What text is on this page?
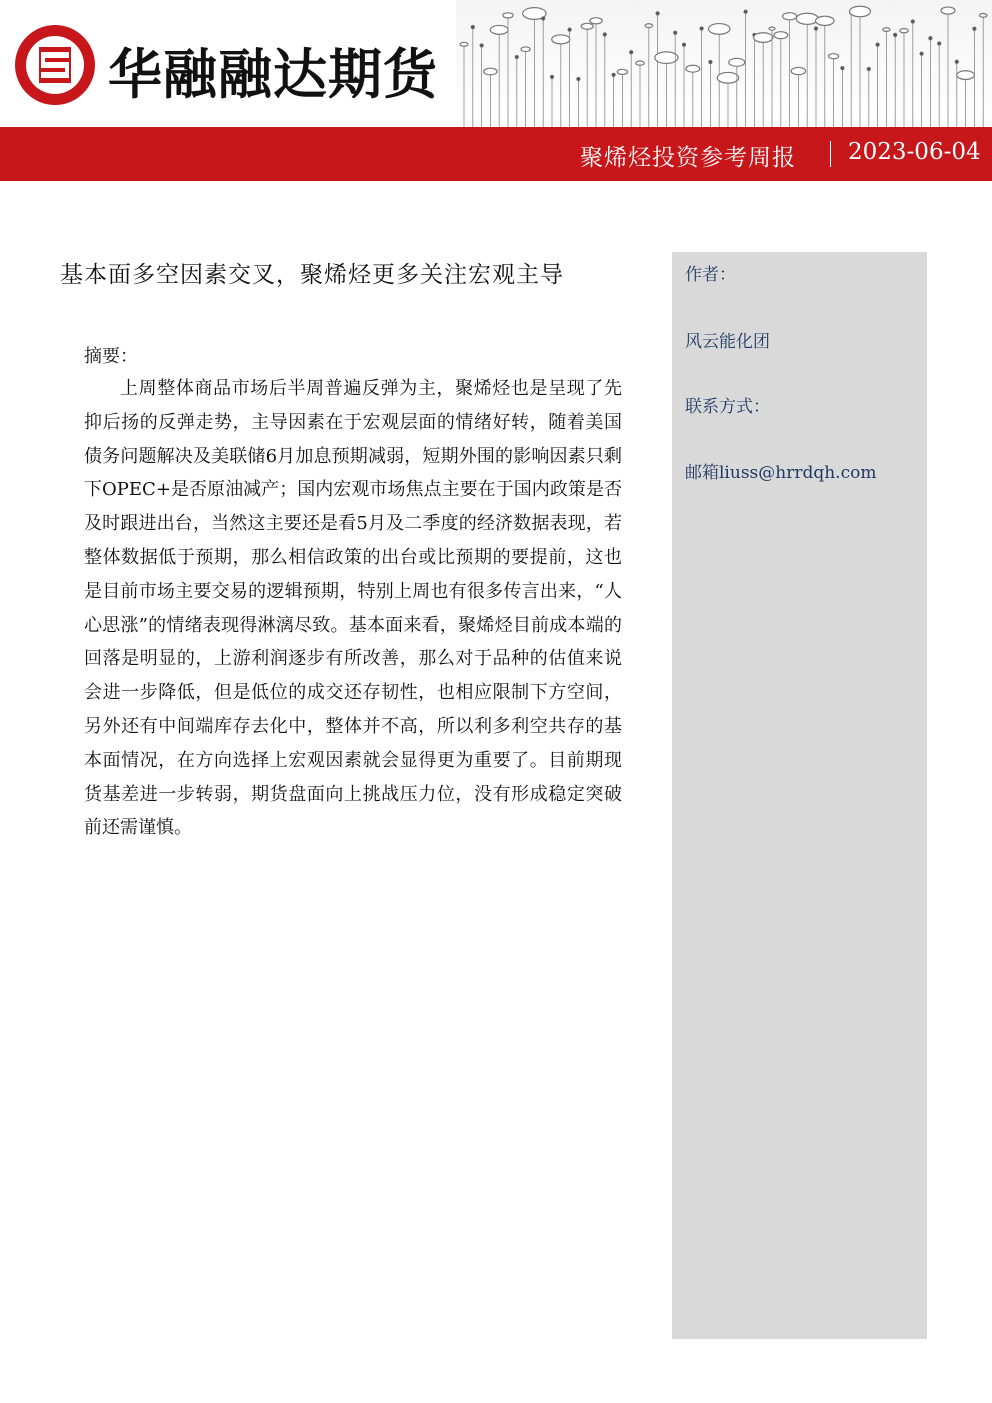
华融融达期货
聚烯烃投资参考周报 2023-06-04
基本面多空因素交叉，聚烯烃更多关注宏观主导
摘要：

上周整体商品市场后半周普遍反弹为主，聚烯烃也是呈现了先抑后扬的反弹走势，主导因素在于宏观层面的情绪好转，随着美国债务问题解决及美联储6月加息预期减弱，短期外围的影响因素只剩下OPEC+是否原油减产；国内宏观市场焦点主要在于国内政策是否及时跟进出台，当然这主要还是看5月及二季度的经济数据表现，若整体数据低于预期，那么相信政策的出台或比预期的要提前，这也是目前市场主要交易的逻辑预期，特别上周也有很多传言出来，“人心思涨”的情绪表现得淋漓尽致。基本面来看，聚烯烃目前成本端的回落是明显的，上游利润逐步有所改善，那么对于品种的估值来说会进一步降低，但是低位的成交还存韧性，也相应限制下方空间，另外还有中间端库存去化中，整体并不高，所以利多利空共存的基本面情况，在方向选择上宏观因素就会显得更为重要了。目前期现货基差进一步转弱，期货盘面向上挑战压力位，没有形成稳定突破前还需谨慎。

作者：
风云能化团
联系方式：
邮箱liuss@hrrdqh.com
